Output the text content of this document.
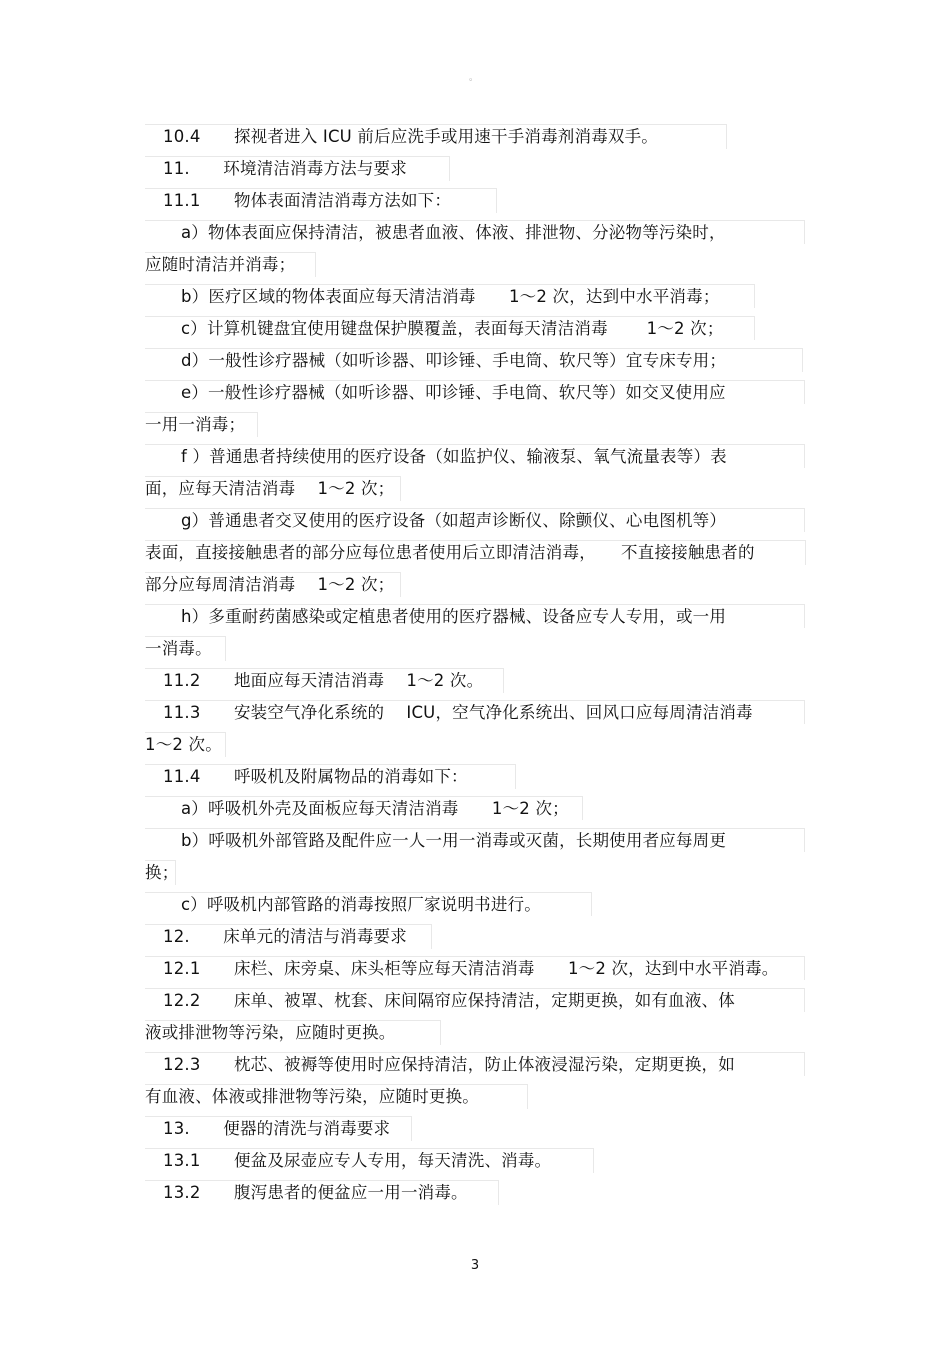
。
10.4　　探视者进入 ICU 前后应洗手或用速干手消毒剂消毒双手。
11.　　环境清洁消毒方法与要求
11.1　　物体表面清洁消毒方法如下：
a）物体表面应保持清洁，被患者血液、体液、排泄物、分泌物等污染时，
应随时清洁并消毒；
b）医疗区域的物体表面应每天清洁消毒　　1～2 次，达到中水平消毒；
c）计算机键盘宜使用键盘保护膜覆盖，表面每天清洁消毒　　 1～2 次；
d）一般性诊疗器械（如听诊器、叩诊锤、手电筒、软尺等）宜专床专用；
e）一般性诊疗器械（如听诊器、叩诊锤、手电筒、软尺等）如交叉使用应
一用一消毒；
f ）普通患者持续使用的医疗设备（如监护仪、输液泵、氧气流量表等）表
面，应每天清洁消毒　 1～2 次；
g）普通患者交叉使用的医疗设备（如超声诊断仪、除颤仪、心电图机等）
表面，直接接触患者的部分应每位患者使用后立即清洁消毒，　　不直接接触患者的
部分应每周清洁消毒　 1～2 次；
h）多重耐药菌感染或定植患者使用的医疗器械、设备应专人专用，或一用
一消毒。
11.2　　地面应每天清洁消毒　 1～2 次。
11.3　　安装空气净化系统的　 ICU，空气净化系统出、回风口应每周清洁消毒
1～2 次。
11.4　　呼吸机及附属物品的消毒如下：
a）呼吸机外壳及面板应每天清洁消毒　　1～2 次；
b）呼吸机外部管路及配件应一人一用一消毒或灭菌，长期使用者应每周更
换；
c）呼吸机内部管路的消毒按照厂家说明书进行。
12.　　床单元的清洁与消毒要求
12.1　　床栏、床旁桌、床头柜等应每天清洁消毒　　1～2 次，达到中水平消毒。
12.2　　床单、被罩、枕套、床间隔帘应保持清洁，定期更换，如有血液、体
液或排泄物等污染，应随时更换。
12.3　　枕芯、被褥等使用时应保持清洁，防止体液浸湿污染，定期更换，如
有血液、体液或排泄物等污染，应随时更换。
13.　　便器的清洗与消毒要求
13.1　　便盆及尿壶应专人专用，每天清洗、消毒。
13.2　　腹泻患者的便盆应一用一消毒。
3
